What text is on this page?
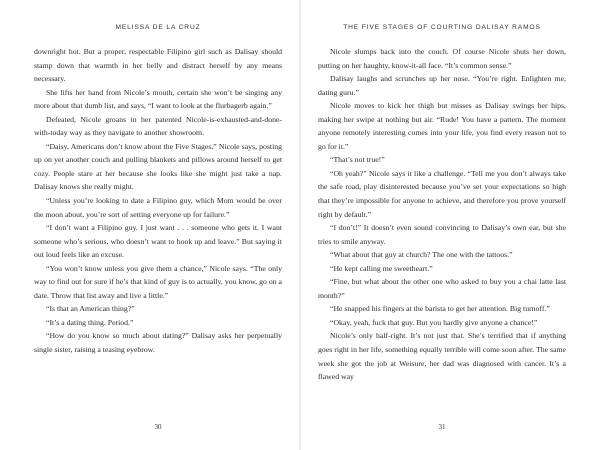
MELISSA DE LA CRUZ

downright hot. But a proper, respectable Filipino girl such as Dalisay should stamp down that warmth in her belly and distract herself by any means necessary.

She lifts her hand from Nicole’s mouth, certain she won’t be singing any more about that dumb list, and says, “I want to look at the flurbagerb again.”

Defeated, Nicole groans in her patented Nicole-is-exhausted-and-done-with-today way as they navigate to another showroom.

“Daisy, Americans don’t know about the Five Stages,” Nicole says, posting up on yet another couch and pulling blankets and pillows around herself to get cozy. People stare at her because she looks like she might just take a nap. Dalisay knows she really might.

“Unless you’re looking to date a Filipino guy, which Mom would be over the moon about, you’re sort of setting everyone up for failure.”

“I don’t want a Filipino guy. I just want . . . someone who gets it. I want someone who’s serious, who doesn’t want to hook up and leave.” But saying it out loud feels like an excuse.

“You won’t know unless you give them a chance,” Nicole says. “The only way to find out for sure if he’s that kind of guy is to actually, you know, go on a date. Throw that list away and live a little.”

“Is that an American thing?”

“It’s a dating thing. Period.”

“How do you know so much about dating?” Dalisay asks her perpetually single sister, raising a teasing eyebrow.

30
THE FIVE STAGES OF COURTING DALISAY RAMOS

Nicole slumps back into the couch. Of course Nicole shuts her down, putting on her haughty, know-it-all face. “It’s common sense.”

Dalisay laughs and scrunches up her nose. “You’re right. Enlighten me, dating guru.”

Nicole moves to kick her thigh but misses as Dalisay swings her hips, making her swipe at nothing but air. “Rude! You have a pattern. The moment anyone remotely interesting comes into your life, you find every reason not to go for it.”

“That’s not true!”

“Oh yeah?” Nicole says it like a challenge. “Tell me you don’t always take the safe road, play disinterested because you’ve set your expectations so high that they’re impossible for anyone to achieve, and therefore you prove yourself right by default.”

“I don’t!” It doesn’t even sound convincing to Dalisay’s own ear, but she tries to smile anyway.

“What about that guy at church? The one with the tattoos.”

“He kept calling me sweetheart.”

“Fine, but what about the other one who asked to buy you a chai latte last month?”

“He snapped his fingers at the barista to get her attention. Big turnoff.”

“Okay, yeah, fuck that guy. But you hardly give anyone a chance!”

Nicole’s only half-right. It’s not just that. She’s terrified that if anything goes right in her life, something equally terrible will come soon after. The same week she got the job at Weisure, her dad was diagnosed with cancer. It’s a flawed way

31
